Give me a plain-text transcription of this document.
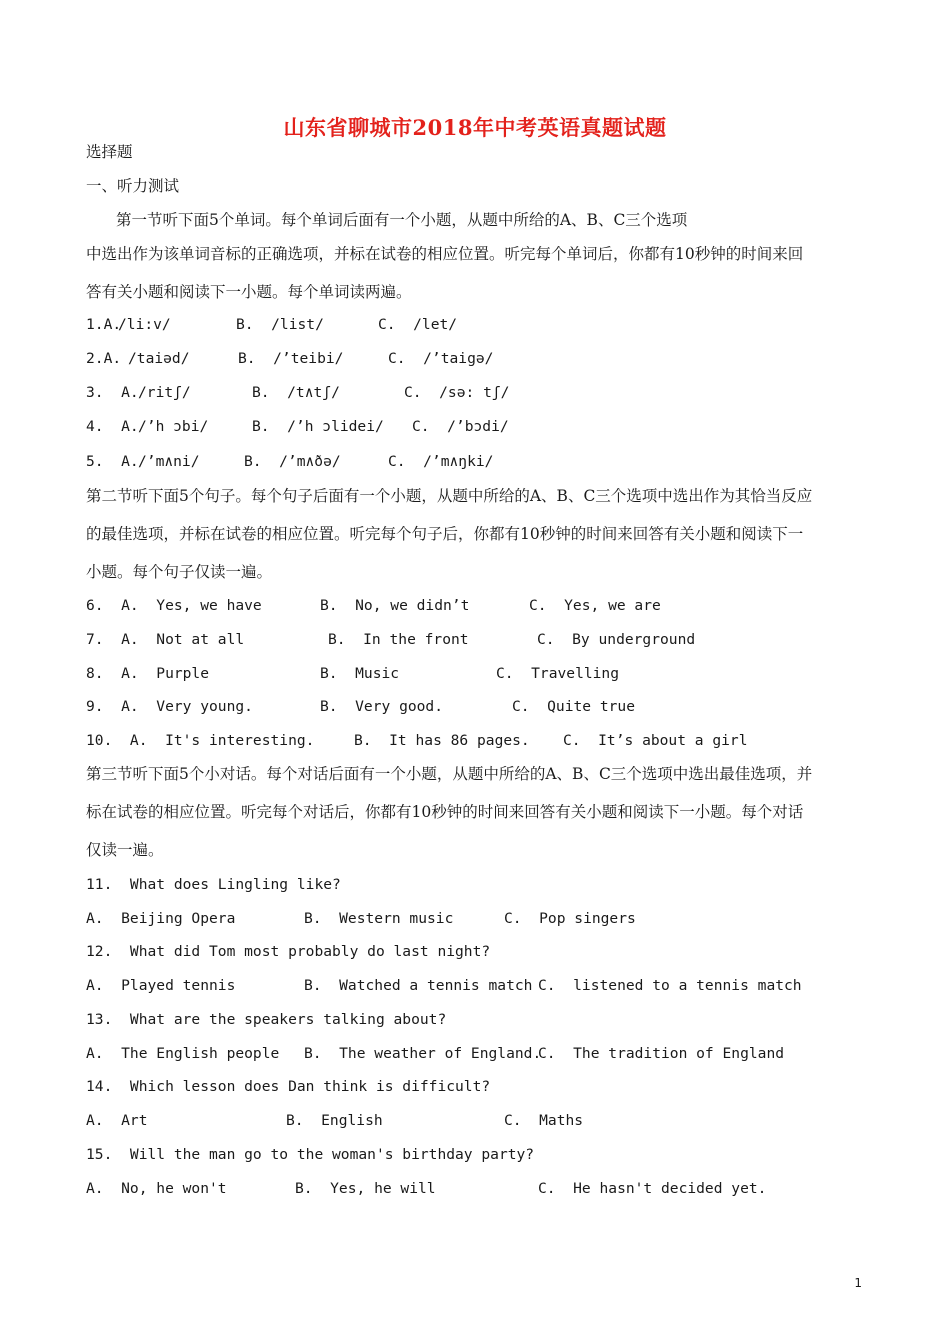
山东省聊城市2018年中考英语真题试题
选择题
一、听力测试
第一节听下面5个单词。每个单词后面有一个小题，从题中所给的A、B、C三个选项
中选出作为该单词音标的正确选项，并标在试卷的相应位置。听完每个单词后，你都有10秒钟的时间来回
答有关小题和阅读下一小题。每个单词读两遍。

1.A.

/li:v/

	B.  /list/

	C.  /let/

2.A.

/taiəd/

	B.  /’teibi/

	C.  /’taigə/

3.  A.

/ritʃ/

	B.  /t∧tʃ/

	C.  /sə: tʃ/

4.  A.

/’h ɔbi/

	B.  /’h ɔlidei/

C.  /’bɔdi/

5.  A.

/’m∧ni/

	B.  /’m∧ðə/

	C.  /’m∧ŋki/

第二节听下面5个句子。每个句子后面有一个小题，从题中所给的A、B、C三个选项中选出作为其恰当反应
的最佳选项，并标在试卷的相应位置。听完每个句子后，你都有10秒钟的时间来回答有关小题和阅读下一
小题。每个句子仅读一遍。

6.  A.  Yes, we have

	B.  No, we didn’t

	C.  Yes, we are

7.  A.  Not at all

	B.  In the front

	C.  By underground

8.  A.  Purple

	B.  Music

	C.  Travelling

9.  A.  Very young.

	B.  Very good.

	C.  Quite true

10.  A.  It's interesting.

	B.  It has 86 pages.

C.  It’s about a girl

第三节听下面5个小对话。每个对话后面有一个小题，从题中所给的A、B、C三个选项中选出最佳选项，并
标在试卷的相应位置。听完每个对话后，你都有10秒钟的时间来回答有关小题和阅读下一小题。每个对话
仅读一遍。

11.  What does Lingling like?

A.  Beijing Opera

	B.  Western music

	C.  Pop singers

12.  What did Tom most probably do last night?

A.  Played tennis

	B.  Watched a tennis match

C.  listened to a tennis match

13.  What are the speakers talking about?

A.  The English people

B.  The weather of England.

C.  The tradition of England

14.  Which lesson does Dan think is difficult?

A.  Art

	B.  English

	C.  Maths

15.  Will the man go to the woman's birthday party?

A.  No, he won't

	B.  Yes, he will

	C.  He hasn't decided yet.

1
